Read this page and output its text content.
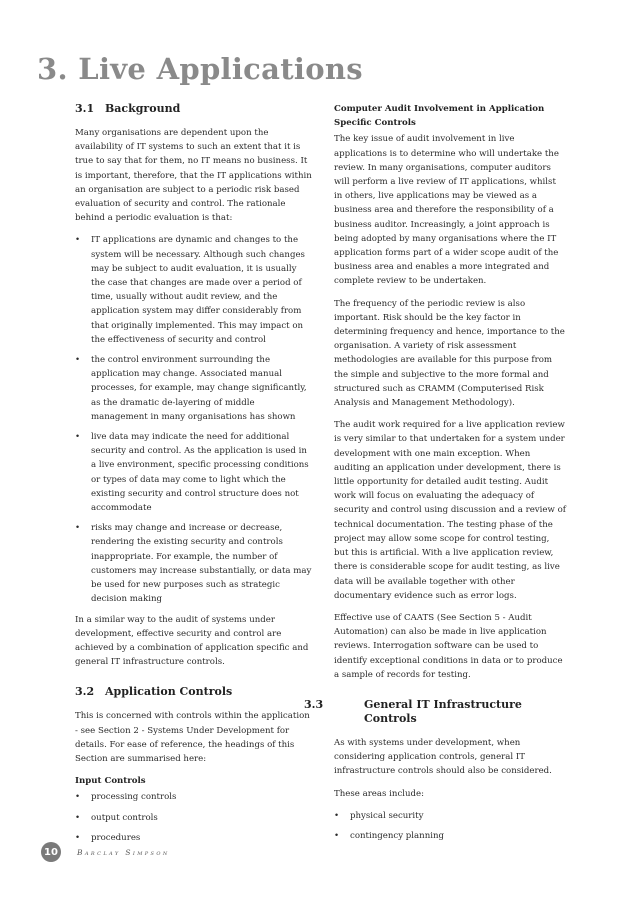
3. Live Applications
3.1 Background

Many organisations are dependent upon the availability of IT systems to such an extent that it is true to say that for them, no IT means no business. It is important, therefore, that the IT applications within an organisation are subject to a periodic risk based evaluation of security and control. The rationale behind a periodic evaluation is that:

• IT applications are dynamic and changes to the system will be necessary. Although such changes may be subject to audit evaluation, it is usually the case that changes are made over a period of time, usually without audit review, and the application system may differ considerably from that originally implemented. This may impact on the effectiveness of security and control
• the control environment surrounding the application may change. Associated manual processes, for example, may change significantly, as the dramatic de-layering of middle management in many organisations has shown
• live data may indicate the need for additional security and control. As the application is used in a live environment, specific processing conditions or types of data may come to light which the existing security and control structure does not accommodate
• risks may change and increase or decrease, rendering the existing security and controls inappropriate. For example, the number of customers may increase substantially, or data may be used for new purposes such as strategic decision making

In a similar way to the audit of systems under development, effective security and control are achieved by a combination of application specific and general IT infrastructure controls.

3.2 Application Controls

This is concerned with controls within the application - see Section 2 - Systems Under Development for details. For ease of reference, the headings of this Section are summarised here:

Input Controls
• processing controls
• output controls
• procedures
Computer Audit Involvement in Application Specific Controls

The key issue of audit involvement in live applications is to determine who will undertake the review. In many organisations, computer auditors will perform a live review of IT applications, whilst in others, live applications may be viewed as a business area and therefore the responsibility of a business auditor. Increasingly, a joint approach is being adopted by many organisations where the IT application forms part of a wider scope audit of the business area and enables a more integrated and complete review to be undertaken.

The frequency of the periodic review is also important. Risk should be the key factor in determining frequency and hence, importance to the organisation. A variety of risk assessment methodologies are available for this purpose from the simple and subjective to the more formal and structured such as CRAMM (Computerised Risk Analysis and Management Methodology).

The audit work required for a live application review is very similar to that undertaken for a system under development with one main exception. When auditing an application under development, there is little opportunity for detailed audit testing. Audit work will focus on evaluating the adequacy of security and control using discussion and a review of technical documentation. The testing phase of the project may allow some scope for control testing, but this is artificial. With a live application review, there is considerable scope for audit testing, as live data will be available together with other documentary evidence such as error logs.

Effective use of CAATS (See Section 5 - Audit Automation) can also be made in live application reviews. Interrogation software can be used to identify exceptional conditions in data or to produce a sample of records for testing.

3.3	General IT Infrastructure Controls

As with systems under development, when considering application controls, general IT infrastructure controls should also be considered.

These areas include:

• physical security
• contingency planning
10	Barclay Simpson
